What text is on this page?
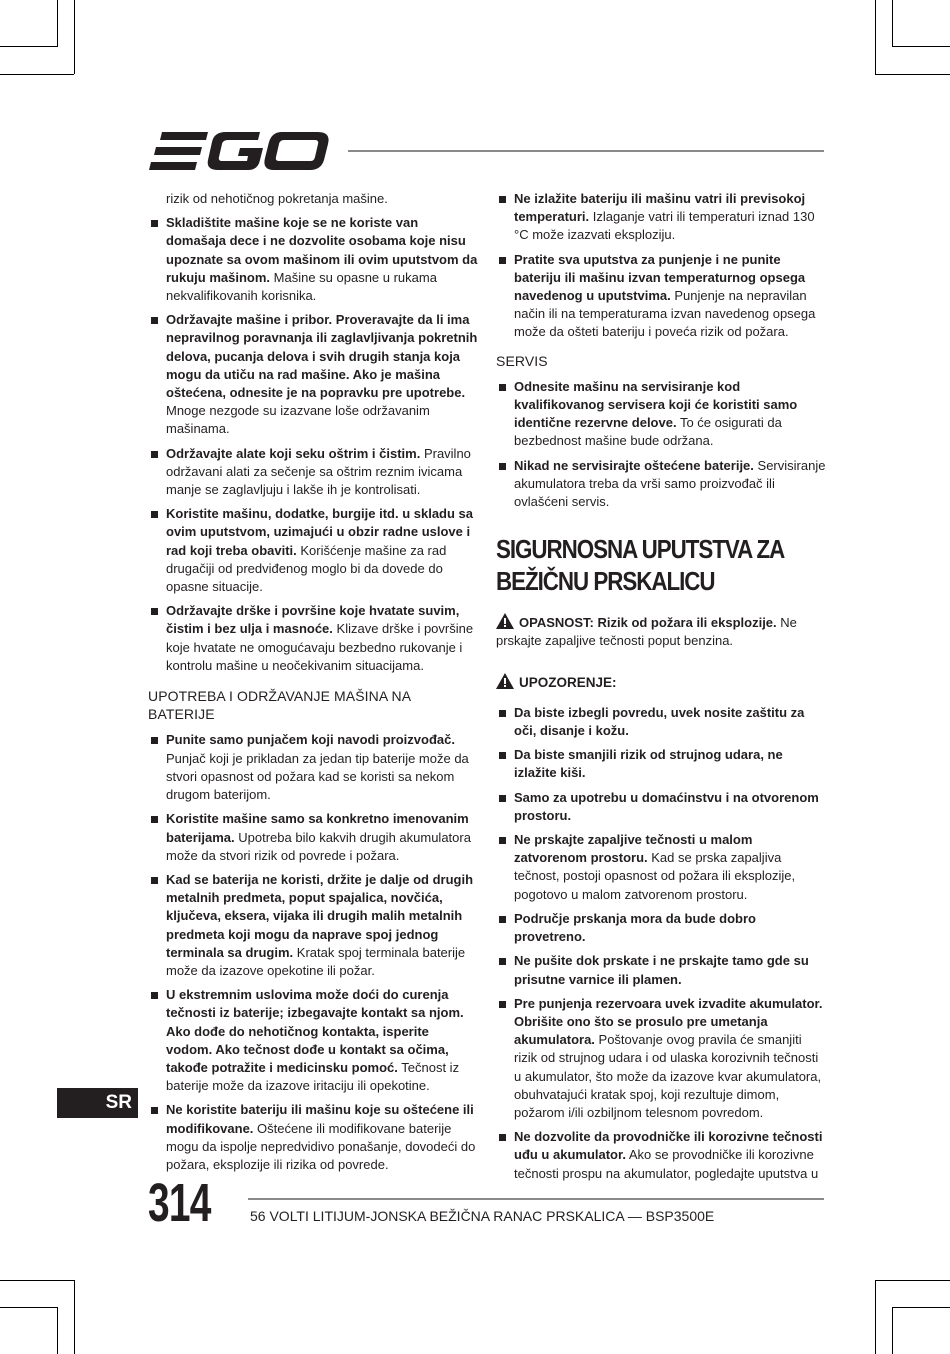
rizik od nehotičnog pokretanja mašine.
Skladištite mašine koje se ne koriste van domašaja dece i ne dozvolite osobama koje nisu upoznate sa ovom mašinom ili ovim uputstvom da rukuju mašinom. Mašine su opasne u rukama nekvalifikovanih korisnika.
Održavajte mašine i pribor. Proveravajte da li ima nepravilnog poravnanja ili zaglavljivanja pokretnih delova, pucanja delova i svih drugih stanja koja mogu da utiču na rad mašine. Ako je mašina oštećena, odnesite je na popravku pre upotrebe. Mnoge nezgode su izazvane loše održavanim mašinama.
Održavajte alate koji seku oštrim i čistim. Pravilno održavani alati za sečenje sa oštrim reznim ivicama manje se zaglavljuju i lakše ih je kontrolisati.
Koristite mašinu, dodatke, burgije itd. u skladu sa ovim uputstvom, uzimajući u obzir radne uslove i rad koji treba obaviti. Korišćenje mašine za rad drugačiji od predviđenog moglo bi da dovede do opasne situacije.
Održavajte drške i površine koje hvatate suvim, čistim i bez ulja i masnoće. Klizave drške i površine koje hvatate ne omogućavaju bezbedno rukovanje i kontrolu mašine u neočekivanim situacijama.
UPOTREBA I ODRŽAVANJE MAŠINA NA BATERIJE
Punite samo punjačem koji navodi proizvođač. Punjač koji je prikladan za jedan tip baterije može da stvori opasnost od požara kad se koristi sa nekom drugom baterijom.
Koristite mašine samo sa konkretno imenovanim baterijama. Upotreba bilo kakvih drugih akumulatora može da stvori rizik od povrede i požara.
Kad se baterija ne koristi, držite je dalje od drugih metalnih predmeta, poput spajalica, novčića, ključeva, eksera, vijaka ili drugih malih metalnih predmeta koji mogu da naprave spoj jednog terminala sa drugim. Kratak spoj terminala baterije može da izazove opekotine ili požar.
U ekstremnim uslovima može doći do curenja tečnosti iz baterije; izbegavajte kontakt sa njom. Ako dođe do nehotičnog kontakta, isperite vodom. Ako tečnost dođe u kontakt sa očima, takođe potražite i medicinsku pomoć. Tečnost iz baterije može da izazove iritaciju ili opekotine.
Ne koristite bateriju ili mašinu koje su oštećene ili modifikovane. Oštećene ili modifikovane baterije mogu da ispolje nepredvidivo ponašanje, dovodeći do požara, eksplozije ili rizika od povrede.
Ne izlažite bateriju ili mašinu vatri ili previsokoj temperaturi. Izlaganje vatri ili temperaturi iznad 130 °C može izazvati eksploziju.
Pratite sva uputstva za punjenje i ne punite bateriju ili mašinu izvan temperaturnog opsega navedenog u uputstvima. Punjenje na nepravilan način ili na temperaturama izvan navedenog opsega može da ošteti bateriju i poveća rizik od požara.
SERVIS
Odnesite mašinu na servisiranje kod kvalifikovanog servisera koji će koristiti samo identične rezervne delove. To će osigurati da bezbednost mašine bude održana.
Nikad ne servisirajte oštećene baterije. Servisiranje akumulatora treba da vrši samo proizvođač ili ovlašćeni servis.
SIGURNOSNA UPUTSTVA ZA BEŽIČNU PRSKALICU
OPASNOST: Rizik od požara ili eksplozije. Ne prskajte zapaljive tečnosti poput benzina.
UPOZORENJE:
Da biste izbegli povredu, uvek nosite zaštitu za oči, disanje i kožu.
Da biste smanjili rizik od strujnog udara, ne izlažite kiši.
Samo za upotrebu u domaćinstvu i na otvorenom prostoru.
Ne prskajte zapaljive tečnosti u malom zatvorenom prostoru. Kad se prska zapaljiva tečnost, postoji opasnost od požara ili eksplozije, pogotovo u malom zatvorenom prostoru.
Područje prskanja mora da bude dobro provetreno.
Ne pušite dok prskate i ne prskajte tamo gde su prisutne varnice ili plamen.
Pre punjenja rezervoara uvek izvadite akumulator. Obrišite ono što se prosulo pre umetanja akumulatora. Poštovanje ovog pravila će smanjiti rizik od strujnog udara i od ulaska korozivnih tečnosti u akumulator, što može da izazove kvar akumulatora, obuhvatajući kratak spoj, koji rezultuje dimom, požarom i/ili ozbiljnom telesnom povredom.
Ne dozvolite da provodničke ili korozivne tečnosti uđu u akumulator. Ako se provodničke ili korozivne tečnosti prospu na akumulator, pogledajte uputstva u
SR
314	56 VOLTI LITIJUM-JONSKA BEŽIČNA RANAC PRSKALICA — BSP3500E
